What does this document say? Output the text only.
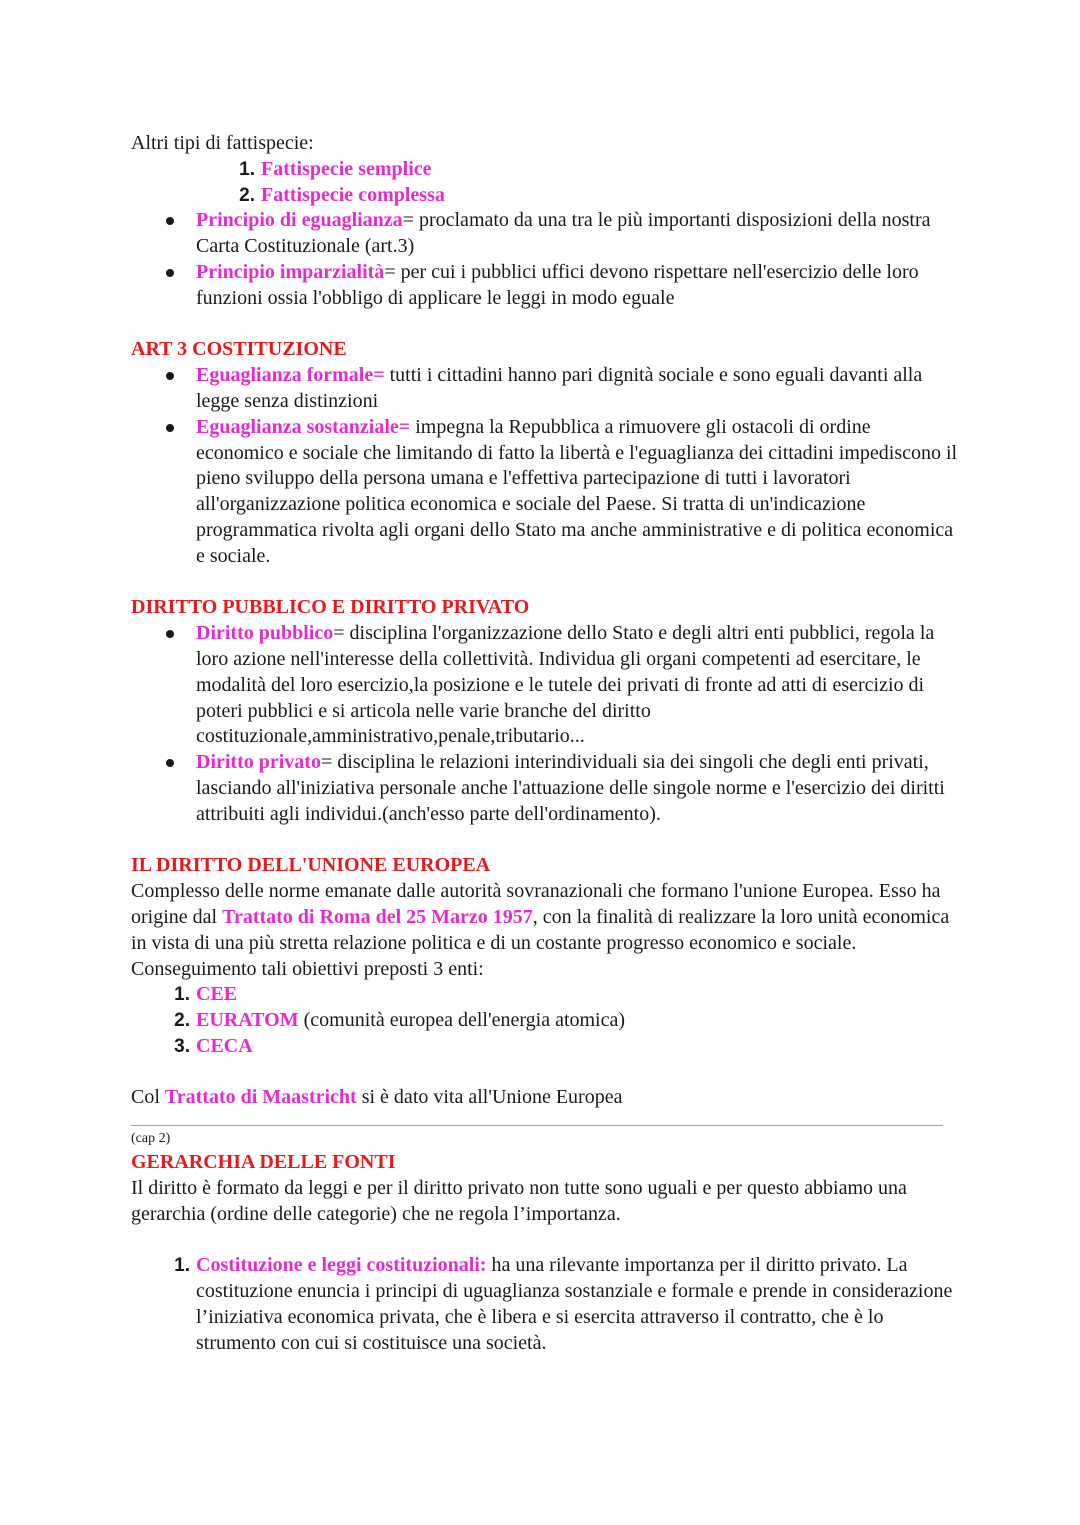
Altri tipi di fattispecie:

1. Fattispecie semplice
2. Fattispecie complessa
Principio di eguaglianza= proclamato da una tra le più importanti disposizioni della nostra Carta Costituzionale (art.3)
Principio imparzialità= per cui i pubblici uffici devono rispettare nell'esercizio delle loro funzioni ossia l'obbligo di applicare le leggi in modo eguale

ART 3 COSTITUZIONE

Eguaglianza formale= tutti i cittadini hanno pari dignità sociale e sono eguali davanti alla legge senza distinzioni
Eguaglianza sostanziale= impegna la Repubblica a rimuovere gli ostacoli di ordine economico e sociale che limitando di fatto la libertà e l'eguaglianza dei cittadini impediscono il pieno sviluppo della persona umana e l'effettiva partecipazione di tutti i lavoratori all'organizzazione politica economica e sociale del Paese. Si tratta di un'indicazione programmatica rivolta agli organi dello Stato ma anche amministrative e di politica economica e sociale.

DIRITTO PUBBLICO E DIRITTO PRIVATO

Diritto pubblico= disciplina l'organizzazione dello Stato e degli altri enti pubblici, regola la loro azione nell'interesse della collettività. Individua gli organi competenti ad esercitare, le modalità del loro esercizio,la posizione e le tutele dei privati di fronte ad atti di esercizio di poteri pubblici e si articola nelle varie branche del diritto costituzionale,amministrativo,penale,tributario...
Diritto privato= disciplina le relazioni interindividuali sia dei singoli che degli enti privati, lasciando all'iniziativa personale anche l'attuazione delle singole norme e l'esercizio dei diritti attribuiti agli individui.(anch'esso parte dell'ordinamento).

IL DIRITTO DELL'UNIONE EUROPEA

Complesso delle norme emanate dalle autorità sovranazionali che formano l'unione Europea. Esso ha origine dal Trattato di Roma del 25 Marzo 1957, con la finalità di realizzare la loro unità economica in vista di una più stretta relazione politica e di un costante progresso economico e sociale.

Conseguimento tali obiettivi preposti 3 enti:

1. CEE
2. EURATOM (comunità europea dell'energia atomica)
3. CECA

Col Trattato di Maastricht si è dato vita all'Unione Europea

(cap 2)

GERARCHIA DELLE FONTI

Il diritto è formato da leggi e per il diritto privato non tutte sono uguali e per questo abbiamo una gerarchia (ordine delle categorie) che ne regola l’importanza.

1. Costituzione e leggi costituzionali: ha una rilevante importanza per il diritto privato. La costituzione enuncia i principi di uguaglianza sostanziale e formale e prende in considerazione l’iniziativa economica privata, che è libera e si esercita attraverso il contratto, che è lo strumento con cui si costituisce una società.
